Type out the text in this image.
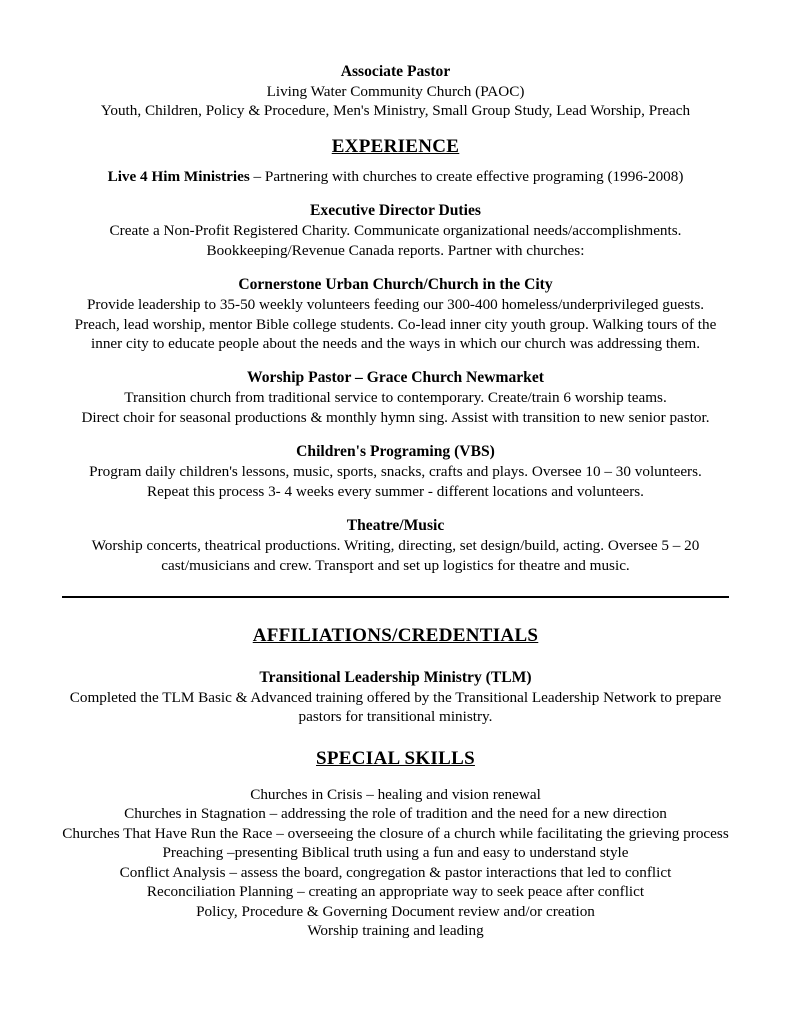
Associate Pastor
Living Water Community Church (PAOC)
Youth, Children, Policy & Procedure, Men's Ministry, Small Group Study, Lead Worship, Preach
EXPERIENCE
Live 4 Him Ministries – Partnering with churches to create effective programing (1996-2008)
Executive Director Duties
Create a Non-Profit Registered Charity. Communicate organizational needs/accomplishments.
Bookkeeping/Revenue Canada reports. Partner with churches:
Cornerstone Urban Church/Church in the City
Provide leadership to 35-50 weekly volunteers feeding our 300-400 homeless/underprivileged guests.
Preach, lead worship, mentor Bible college students. Co-lead inner city youth group. Walking tours of the
inner city to educate people about the needs and the ways in which our church was addressing them.
Worship Pastor – Grace Church Newmarket
Transition church from traditional service to contemporary. Create/train 6 worship teams.
Direct choir for seasonal productions & monthly hymn sing. Assist with transition to new senior pastor.
Children's Programing (VBS)
Program daily children's lessons, music, sports, snacks, crafts and plays. Oversee 10 – 30 volunteers.
Repeat this process 3- 4 weeks every summer - different locations and volunteers.
Theatre/Music
Worship concerts, theatrical productions. Writing, directing, set design/build, acting. Oversee 5 – 20
cast/musicians and crew. Transport and set up logistics for theatre and music.
AFFILIATIONS/CREDENTIALS
Transitional Leadership Ministry (TLM)
Completed the TLM Basic & Advanced training offered by the Transitional Leadership Network to prepare
pastors for transitional ministry.
SPECIAL SKILLS
Churches in Crisis – healing and vision renewal
Churches in Stagnation – addressing the role of tradition and the need for a new direction
Churches That Have Run the Race – overseeing the closure of a church while facilitating the grieving process
Preaching –presenting Biblical truth using a fun and easy to understand style
Conflict Analysis – assess the board, congregation & pastor interactions that led to conflict
Reconciliation Planning – creating an appropriate way to seek peace after conflict
Policy, Procedure & Governing Document review and/or creation
Worship training and leading
